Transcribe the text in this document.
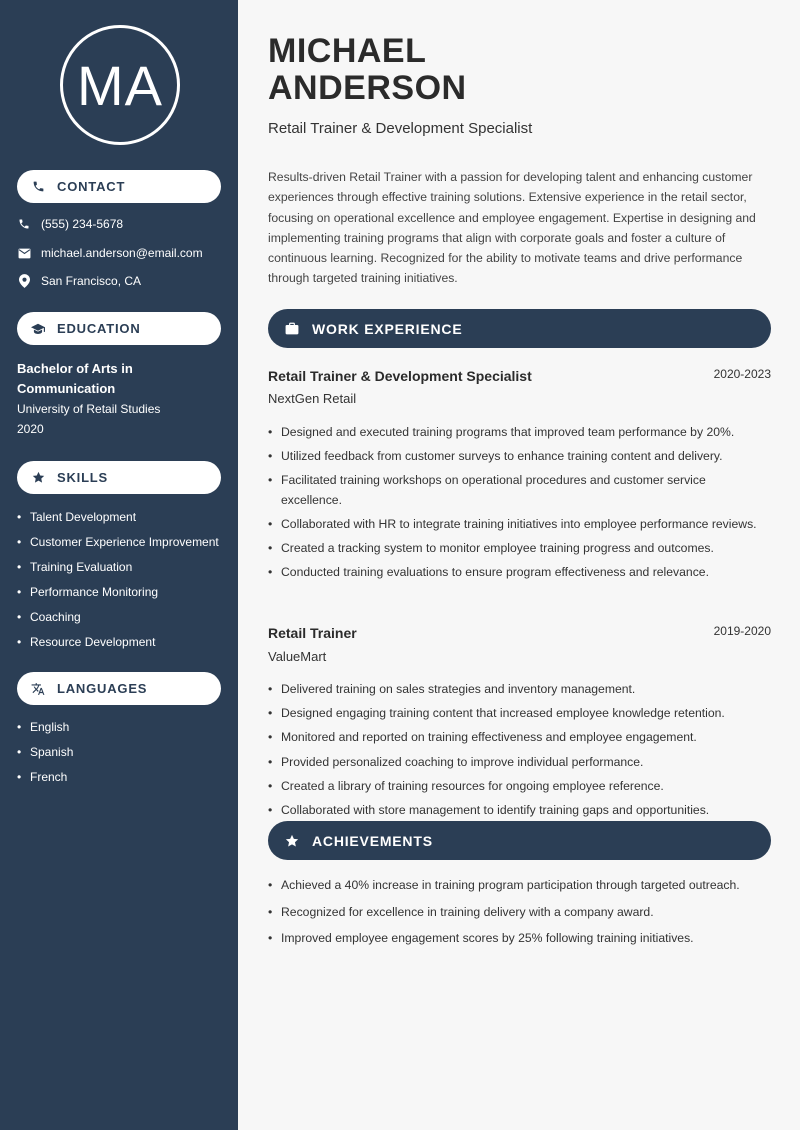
MA
CONTACT
(555) 234-5678
michael.anderson@email.com
San Francisco, CA
EDUCATION
Bachelor of Arts in Communication
University of Retail Studies
2020
SKILLS
• Talent Development
• Customer Experience Improvement
• Training Evaluation
• Performance Monitoring
• Coaching
• Resource Development
LANGUAGES
• English
• Spanish
• French
MICHAEL
ANDERSON
Retail Trainer & Development Specialist

Results-driven Retail Trainer with a passion for developing talent and enhancing customer experiences through effective training solutions. Extensive experience in the retail sector, focusing on operational excellence and employee engagement. Expertise in designing and implementing training programs that align with corporate goals and foster a culture of continuous learning. Recognized for the ability to motivate teams and drive performance through targeted training initiatives.

WORK EXPERIENCE
Retail Trainer & Development Specialist	2020-2023
NextGen Retail
• Designed and executed training programs that improved team performance by 20%.
• Utilized feedback from customer surveys to enhance training content and delivery.
• Facilitated training workshops on operational procedures and customer service excellence.
• Collaborated with HR to integrate training initiatives into employee performance reviews.
• Created a tracking system to monitor employee training progress and outcomes.
• Conducted training evaluations to ensure program effectiveness and relevance.
Retail Trainer	2019-2020
ValueMart
• Delivered training on sales strategies and inventory management.
• Designed engaging training content that increased employee knowledge retention.
• Monitored and reported on training effectiveness and employee engagement.
• Provided personalized coaching to improve individual performance.
• Created a library of training resources for ongoing employee reference.
• Collaborated with store management to identify training gaps and opportunities.
ACHIEVEMENTS
• Achieved a 40% increase in training program participation through targeted outreach.
• Recognized for excellence in training delivery with a company award.
• Improved employee engagement scores by 25% following training initiatives.
